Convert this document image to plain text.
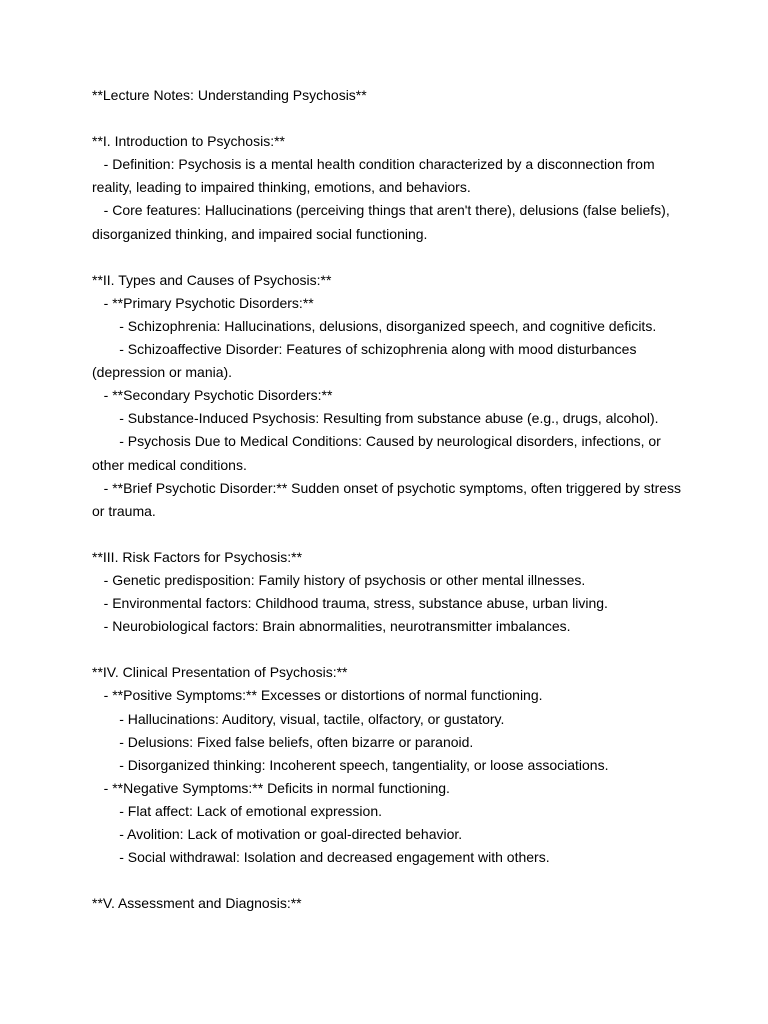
**Lecture Notes: Understanding Psychosis**

**I. Introduction to Psychosis:**

- Definition: Psychosis is a mental health condition characterized by a disconnection from reality, leading to impaired thinking, emotions, and behaviors.

- Core features: Hallucinations (perceiving things that aren't there), delusions (false beliefs), disorganized thinking, and impaired social functioning.

**II. Types and Causes of Psychosis:**

- **Primary Psychotic Disorders:**

- Schizophrenia: Hallucinations, delusions, disorganized speech, and cognitive deficits.

- Schizoaffective Disorder: Features of schizophrenia along with mood disturbances (depression or mania).

- **Secondary Psychotic Disorders:**

- Substance-Induced Psychosis: Resulting from substance abuse (e.g., drugs, alcohol).

- Psychosis Due to Medical Conditions: Caused by neurological disorders, infections, or other medical conditions.

- **Brief Psychotic Disorder:** Sudden onset of psychotic symptoms, often triggered by stress or trauma.

**III. Risk Factors for Psychosis:**

- Genetic predisposition: Family history of psychosis or other mental illnesses.

- Environmental factors: Childhood trauma, stress, substance abuse, urban living.

- Neurobiological factors: Brain abnormalities, neurotransmitter imbalances.

**IV. Clinical Presentation of Psychosis:**

- **Positive Symptoms:** Excesses or distortions of normal functioning.

- Hallucinations: Auditory, visual, tactile, olfactory, or gustatory.

- Delusions: Fixed false beliefs, often bizarre or paranoid.

- Disorganized thinking: Incoherent speech, tangentiality, or loose associations.

- **Negative Symptoms:** Deficits in normal functioning.

- Flat affect: Lack of emotional expression.

- Avolition: Lack of motivation or goal-directed behavior.

- Social withdrawal: Isolation and decreased engagement with others.

**V. Assessment and Diagnosis:**
